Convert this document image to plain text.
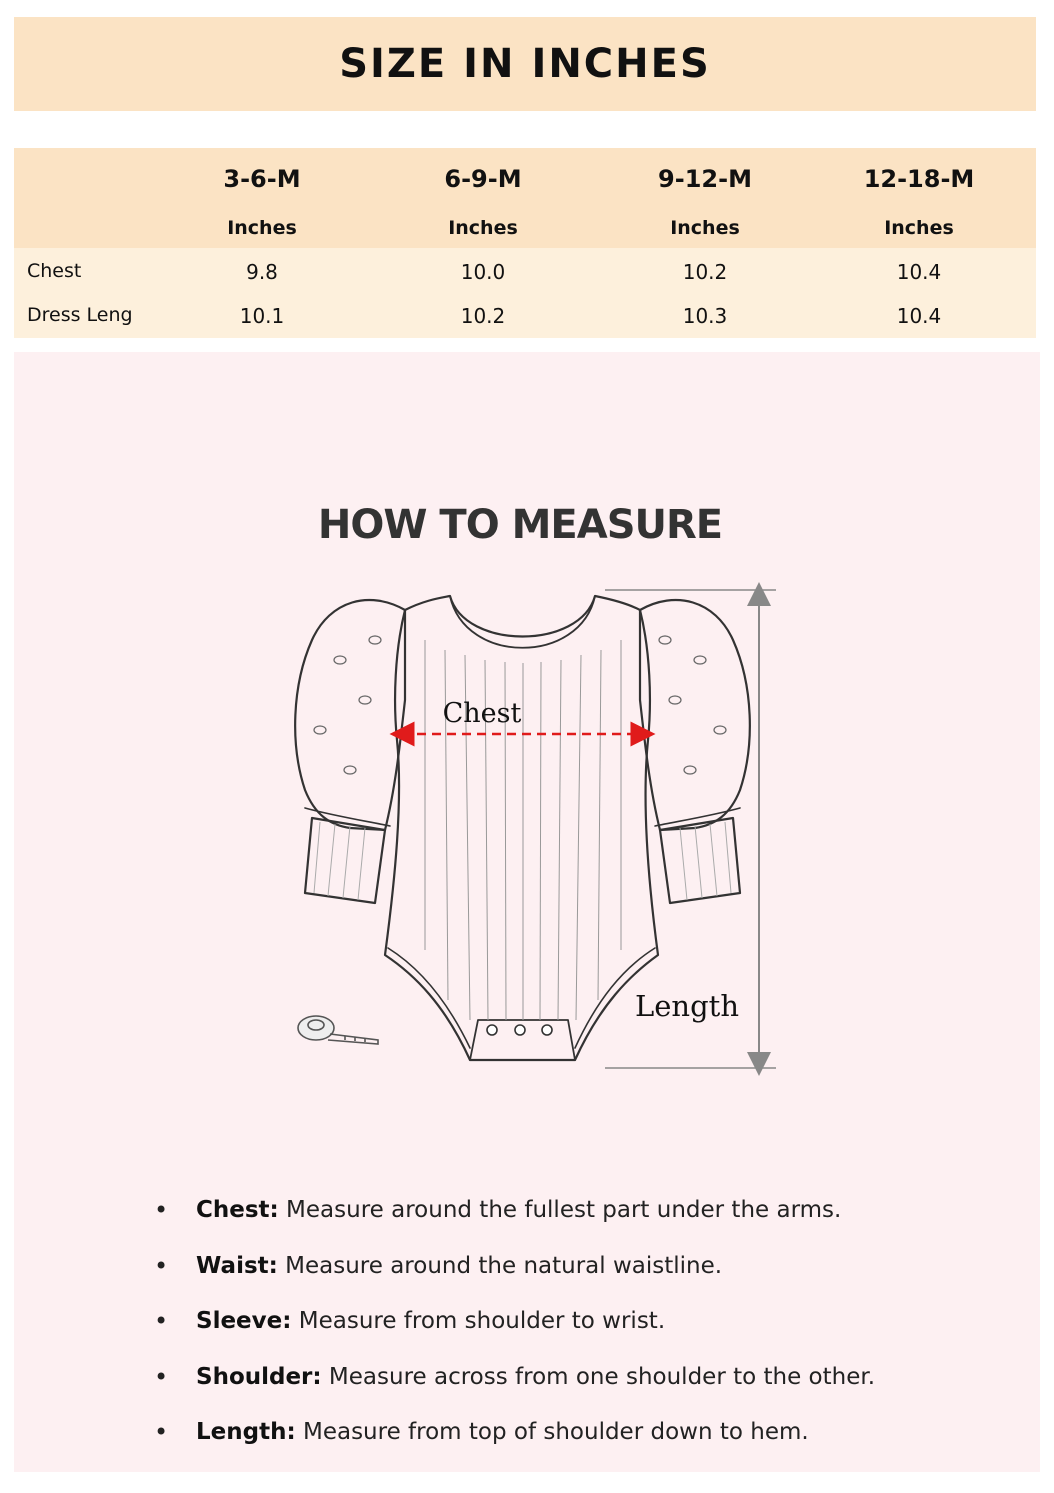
SIZE IN INCHES
3-6-M	6-9-M	9-12-M	12-18-M
Inches	Inches	Inches	Inches
Chest	9.8	10.0	10.2	10.4
Dress Leng	10.1	10.2	10.3	10.4
HOW TO MEASURE
Chest
Length
• Chest: Measure around the fullest part under the arms.
• Waist: Measure around the natural waistline.
• Sleeve: Measure from shoulder to wrist.
• Shoulder: Measure across from one shoulder to the other.
• Length: Measure from top of shoulder down to hem.
